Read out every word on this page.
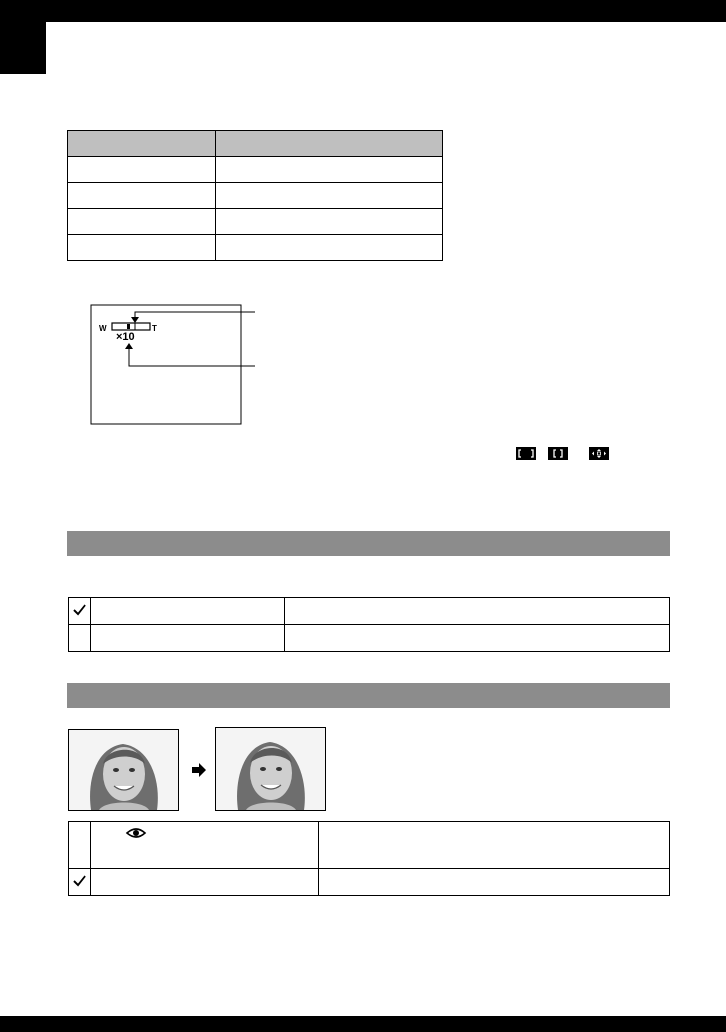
W	T
×10
